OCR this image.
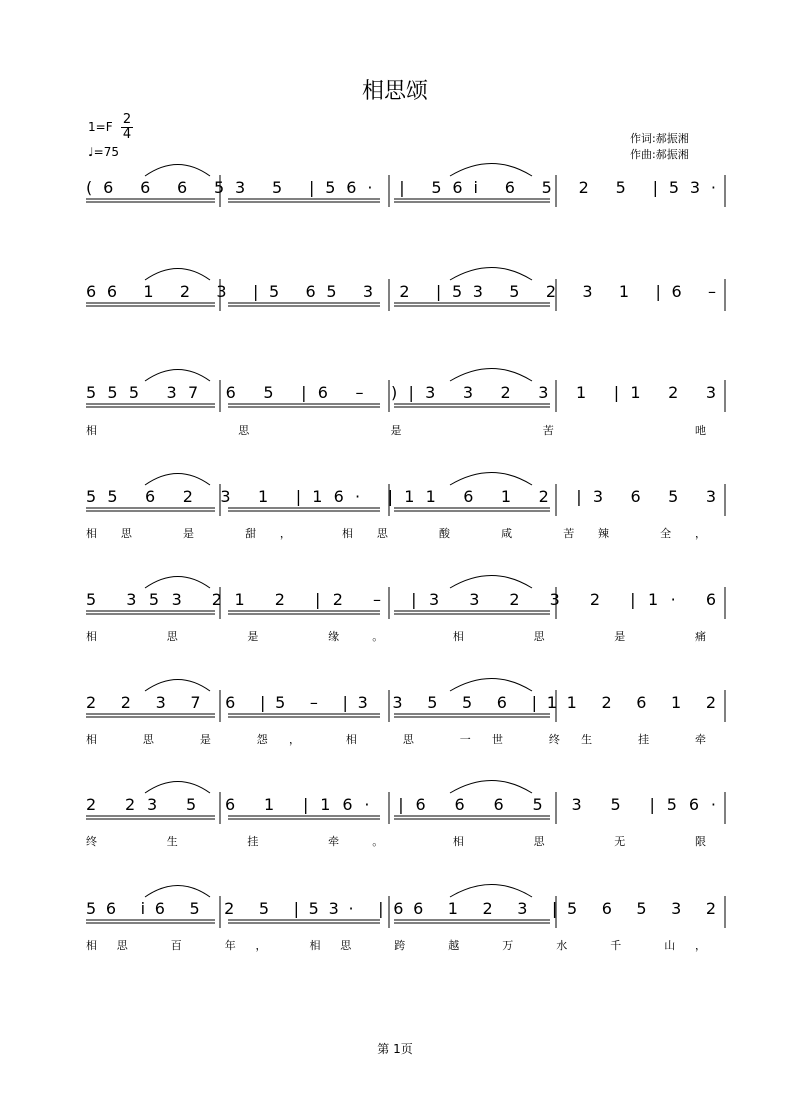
相思颂
1=F 2
4
♩=75
作词:郝振湘
作曲:郝振湘
(6 6 6 53 5 |56· | 56i 6 5 2 5 |53·
66 1 2 3 |5 65 3 2 |53 5 2 3 1 |6 –
555 37 6 5 |6 – )|3 3 2 3 1 |1 2 3
相 思 是 苦 吔
55 6 2 3 1 |16· |11 6 1 2 |3 6 5 3
相思 是 甜， 相思 酸 咸 苦辣 全，
5 353 21 2 |2 – |3 3 2 3 2 |1· 6
相 思 是 缘。 相 思 是 痛
2 2 3 7 6 |5 – |3 3 5 5 6 |11 2 6 1 2
相 思 是 怨， 相 思 一世 终生 挂 牵
2 23 5 6 1 |16· |6 6 6 5 3 5 |56·
终 生 挂 牵。 相 思 无 限
56 i6 5 2 5 |53· |66 1 2 3 |5 6 5 3 2
相思 百 年， 相思 跨 越 万 水 千 山，
第 1页
